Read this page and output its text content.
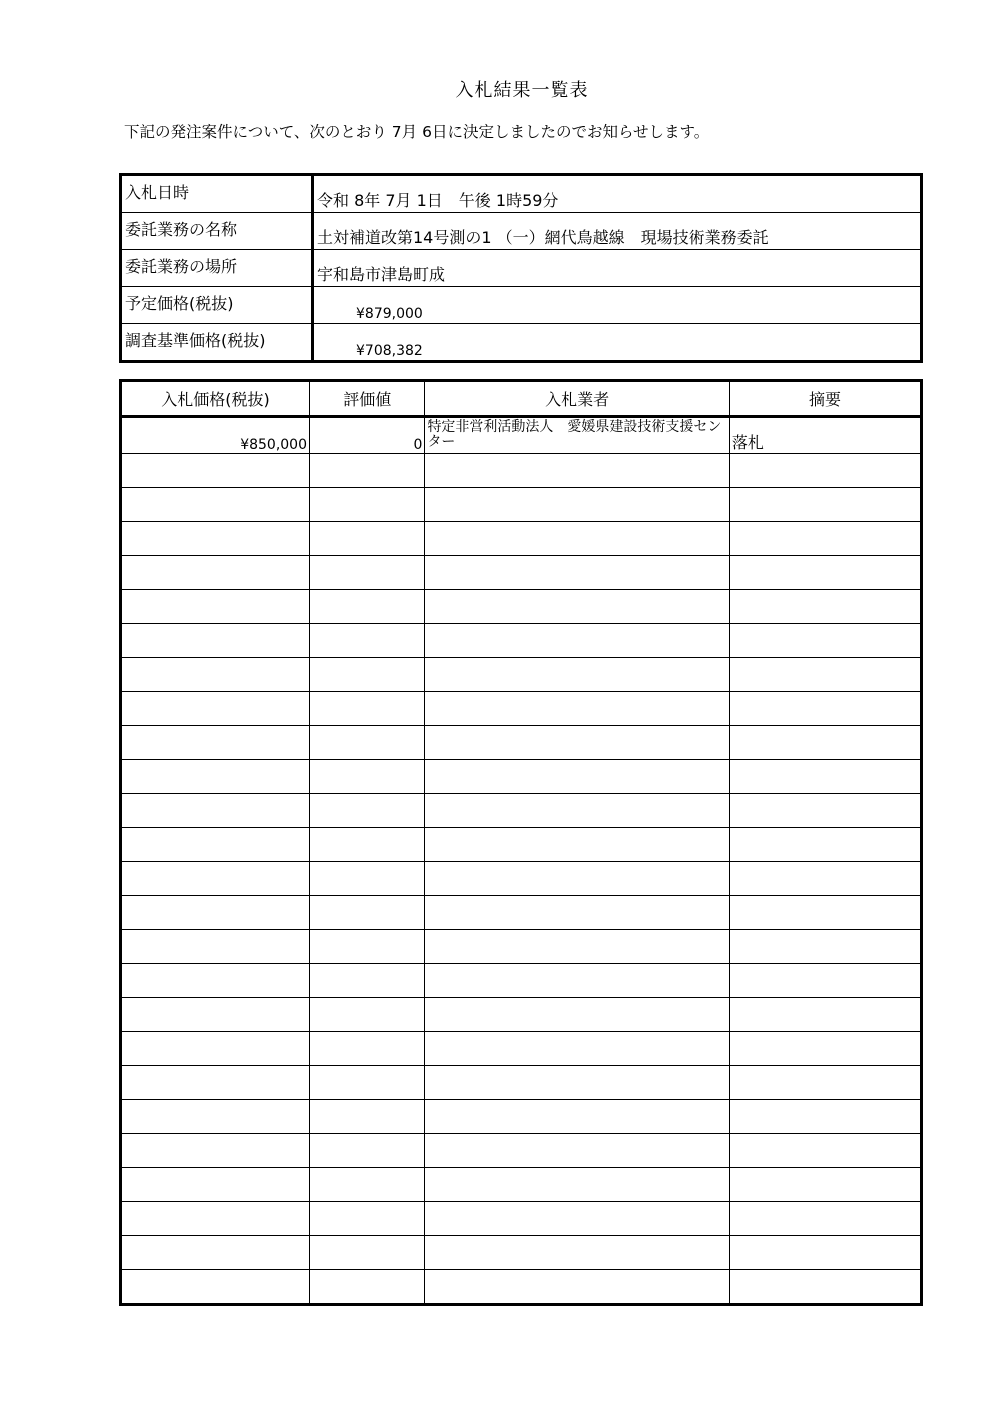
入札結果一覧表
下記の発注案件について、次のとおり 7月 6日に決定しましたのでお知らせします。
入札日時	令和 8年 7月 1日　午後 1時59分
委託業務の名称	土対補道改第14号測の1 （一）網代鳥越線　現場技術業務委託
委託業務の場所	宇和島市津島町成
予定価格(税抜)	¥879,000
調査基準価格(税抜)	¥708,382
入札価格(税抜)	評価値	入札業者	摘要
¥850,000	0	特定非営利活動法人　愛媛県建設技術支援センター	落札
